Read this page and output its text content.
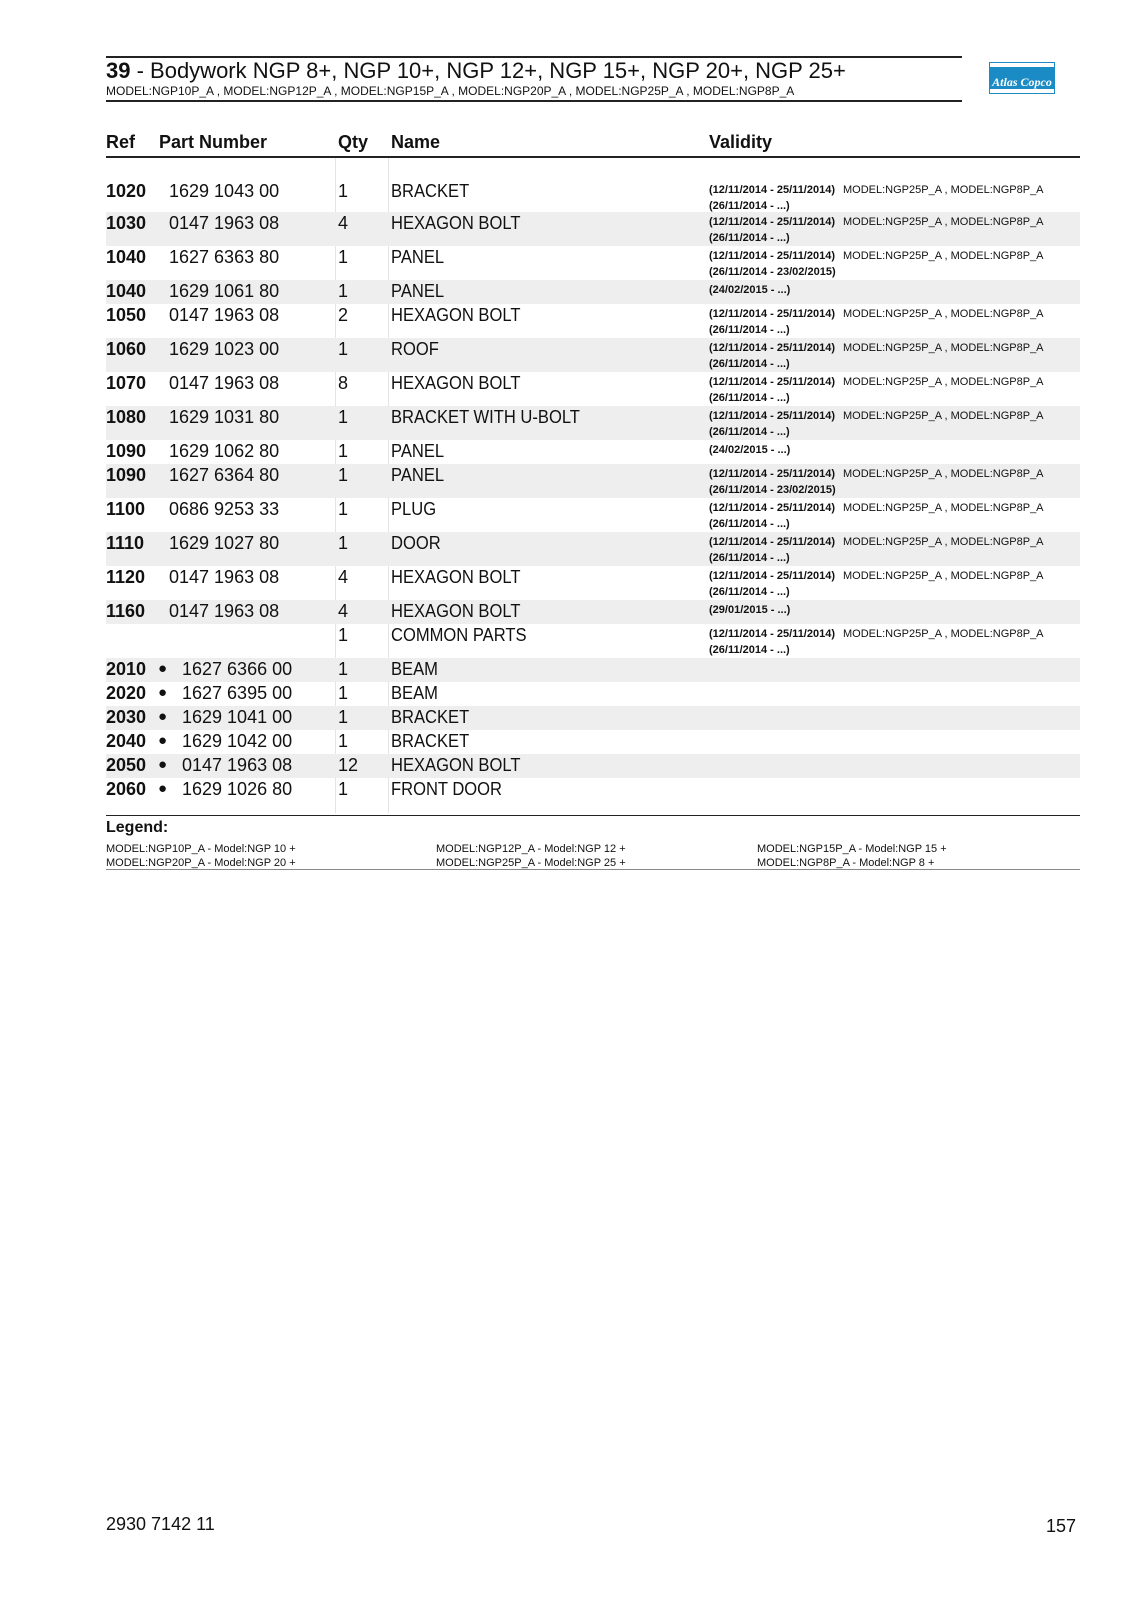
39 - Bodywork NGP 8+, NGP 10+, NGP 12+, NGP 15+, NGP 20+, NGP 25+
MODEL:NGP10P_A , MODEL:NGP12P_A , MODEL:NGP15P_A , MODEL:NGP20P_A , MODEL:NGP25P_A , MODEL:NGP8P_A
Atlas Copco
Ref Part Number	Qty Name	Validity
1020 1629 1043 00	1 BRACKET	(12/11/2014 - 25/11/2014) MODEL:NGP25P_A , MODEL:NGP8P_A
(26/11/2014 - ...)
1030 0147 1963 08	4 HEXAGON BOLT	(12/11/2014 - 25/11/2014) MODEL:NGP25P_A , MODEL:NGP8P_A
(26/11/2014 - ...)
1040 1627 6363 80	1 PANEL	(12/11/2014 - 25/11/2014) MODEL:NGP25P_A , MODEL:NGP8P_A
(26/11/2014 - 23/02/2015)
1040 1629 1061 80	1 PANEL	(24/02/2015 - ...)
1050 0147 1963 08	2 HEXAGON BOLT	(12/11/2014 - 25/11/2014) MODEL:NGP25P_A , MODEL:NGP8P_A
(26/11/2014 - ...)
1060 1629 1023 00	1 ROOF	(12/11/2014 - 25/11/2014) MODEL:NGP25P_A , MODEL:NGP8P_A
(26/11/2014 - ...)
1070 0147 1963 08	8 HEXAGON BOLT	(12/11/2014 - 25/11/2014) MODEL:NGP25P_A , MODEL:NGP8P_A
(26/11/2014 - ...)
1080 1629 1031 80	1 BRACKET WITH U-BOLT	(12/11/2014 - 25/11/2014) MODEL:NGP25P_A , MODEL:NGP8P_A
(26/11/2014 - ...)
1090 1629 1062 80	1 PANEL	(24/02/2015 - ...)
1090 1627 6364 80	1 PANEL	(12/11/2014 - 25/11/2014) MODEL:NGP25P_A , MODEL:NGP8P_A
(26/11/2014 - 23/02/2015)
1100 0686 9253 33	1 PLUG	(12/11/2014 - 25/11/2014) MODEL:NGP25P_A , MODEL:NGP8P_A
(26/11/2014 - ...)
1110 1629 1027 80	1 DOOR	(12/11/2014 - 25/11/2014) MODEL:NGP25P_A , MODEL:NGP8P_A
(26/11/2014 - ...)
1120 0147 1963 08	4 HEXAGON BOLT	(12/11/2014 - 25/11/2014) MODEL:NGP25P_A , MODEL:NGP8P_A
(26/11/2014 - ...)
1160 0147 1963 08	4 HEXAGON BOLT	(29/01/2015 - ...)
1 COMMON PARTS	(12/11/2014 - 25/11/2014) MODEL:NGP25P_A , MODEL:NGP8P_A
(26/11/2014 - ...)
2010 ● 1627 6366 00	1 BEAM
2020 ● 1627 6395 00	1 BEAM
2030 ● 1629 1041 00	1 BRACKET
2040 ● 1629 1042 00	1 BRACKET
2050 ● 0147 1963 08	12 HEXAGON BOLT
2060 ● 1629 1026 80	1 FRONT DOOR
Legend:
MODEL:NGP10P_A - Model:NGP 10 +	MODEL:NGP12P_A - Model:NGP 12 +	MODEL:NGP15P_A - Model:NGP 15 +
MODEL:NGP20P_A - Model:NGP 20 +	MODEL:NGP25P_A - Model:NGP 25 +	MODEL:NGP8P_A - Model:NGP 8 +
2930 7142 11	157
